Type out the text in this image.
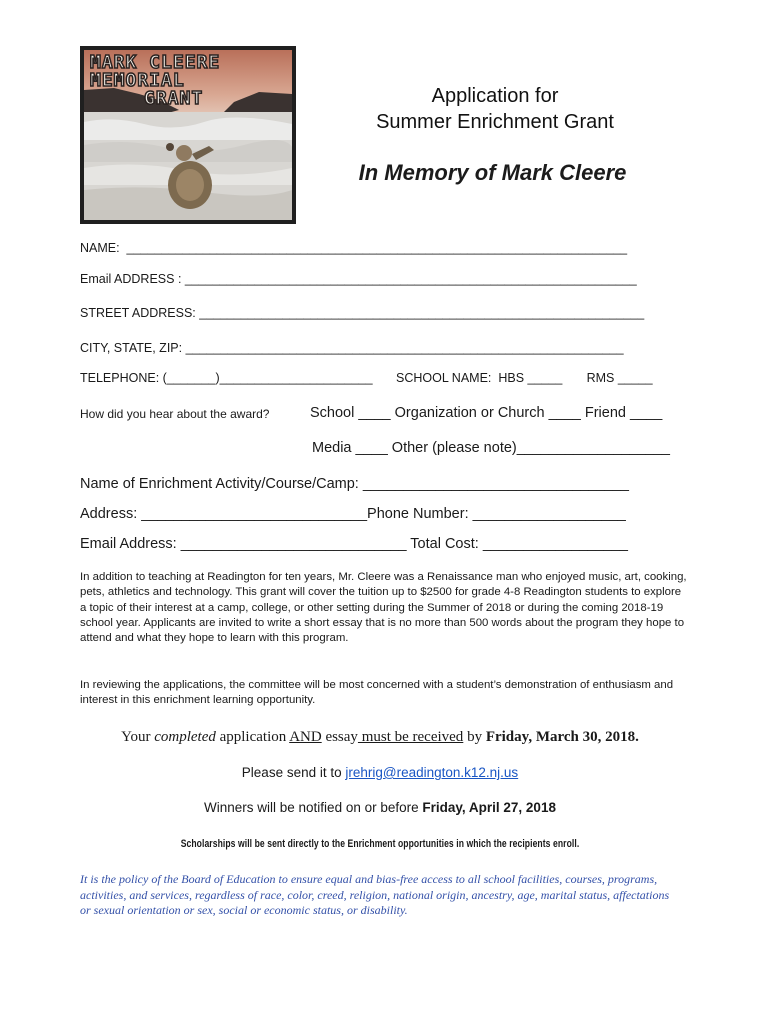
MARK CLEERE
MEMORIAL
GRANT	Application for
Summer Enrichment Grant
In Memory of Mark Cleere
NAME:  ________________________________________________________________________
Email ADDRESS : _________________________________________________________________
STREET ADDRESS: ________________________________________________________________
CITY, STATE, ZIP: _______________________________________________________________
TELEPHONE: (_______)______________________ SCHOOL NAME:  HBS _____       RMS _____
How did you hear about the award?	School ____ Organization or Church ____ Friend ____
Media ____ Other (please note)___________________
Name of Enrichment Activity/Course/Camp: _________________________________
Address: ____________________________Phone Number: ___________________
Email Address: ____________________________ Total Cost: __________________
In addition to teaching at Readington for ten years, Mr. Cleere was a Renaissance man who enjoyed music, art, cooking, pets, athletics and technology. This grant will cover the tuition up to $2500 for grade 4-8 Readington students to explore a topic of their interest at a camp, college, or other setting during the Summer of 2018 or during the coming 2018-19 school year. Applicants are invited to write a short essay that is no more than 500 words about the program they hope to attend and what they hope to learn with this program.
In reviewing the applications, the committee will be most concerned with a student’s demonstration of enthusiasm and interest in this enrichment learning opportunity.
Your completed application AND essay must be received by Friday, March 30, 2018.
Please send it to jrehrig@readington.k12.nj.us
Winners will be notified on or before Friday, April 27, 2018
Scholarships will be sent directly to the Enrichment opportunities in which the recipients enroll.
It is the policy of the Board of Education to ensure equal and bias-free access to all school facilities, courses, programs, activities, and services, regardless of race, color, creed, religion, national origin, ancestry, age, marital status, affectations or sexual orientation or sex, social or economic status, or disability.
